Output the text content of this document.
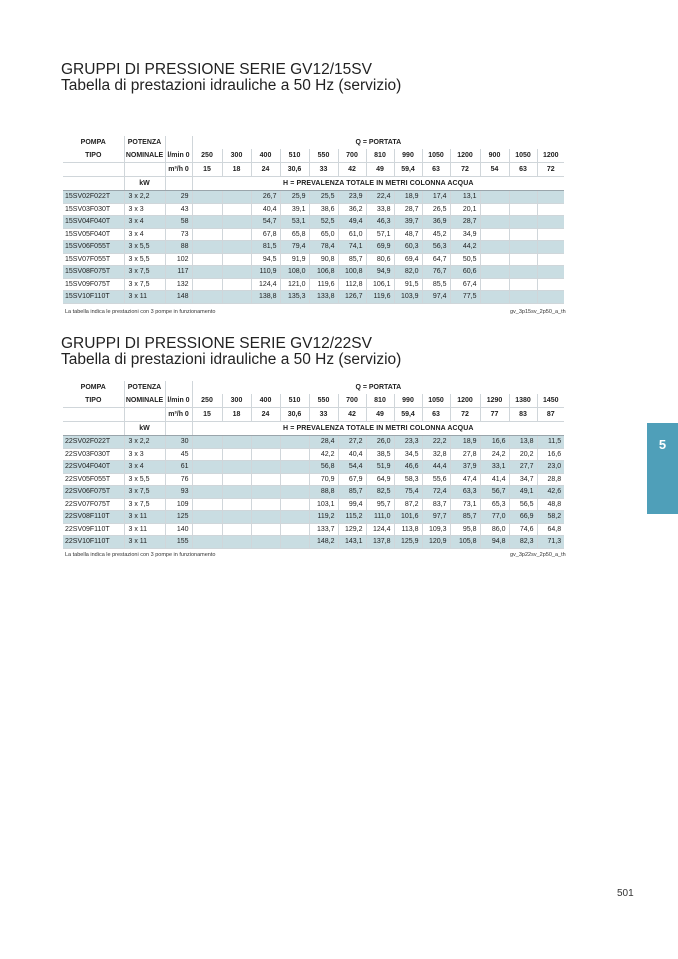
GRUPPI DI PRESSIONE SERIE GV12/15SV
Tabella di prestazioni idrauliche a 50 Hz (servizio)
POMPA	POTENZA		Q = PORTATA												
TIPO	NOMINALE	l/min 0	250	300	400	510	550	700	810	990	1050	1200	900	1050	1200
		m³/h 0	15	18	24	30,6	33	42	49	59,4	63	72	54	63	72
	kW		H = PREVALENZA TOTALE IN METRI COLONNA ACQUA												
15SV02F022T	3 x 2,2	29			26,7	25,9	25,5	23,9	22,4	18,9	17,4	13,1			
15SV03F030T	3 x 3	43			40,4	39,1	38,6	36,2	33,8	28,7	26,5	20,1			
15SV04F040T	3 x 4	58			54,7	53,1	52,5	49,4	46,3	39,7	36,9	28,7			
15SV05F040T	3 x 4	73			67,8	65,8	65,0	61,0	57,1	48,7	45,2	34,9			
15SV06F055T	3 x 5,5	88			81,5	79,4	78,4	74,1	69,9	60,3	56,3	44,2			
15SV07F055T	3 x 5,5	102			94,5	91,9	90,8	85,7	80,6	69,4	64,7	50,5			
15SV08F075T	3 x 7,5	117			110,9	108,0	106,8	100,8	94,9	82,0	76,7	60,6			
15SV09F075T	3 x 7,5	132			124,4	121,0	119,6	112,8	106,1	91,5	85,5	67,4			
15SV10F110T	3 x 11	148			138,8	135,3	133,8	126,7	119,6	103,9	97,4	77,5			
La tabella indica le prestazioni con 3 pompe in funzionamento	gv_3p15sv_2p50_a_th
GRUPPI DI PRESSIONE SERIE GV12/22SV
Tabella di prestazioni idrauliche a 50 Hz (servizio)
POMPA	POTENZA		Q = PORTATA												
TIPO	NOMINALE	l/min 0	250	300	400	510	550	700	810	990	1050	1200	1290	1380	1450
		m³/h 0	15	18	24	30,6	33	42	49	59,4	63	72	77	83	87
	kW		H = PREVALENZA TOTALE IN METRI COLONNA ACQUA												
22SV02F022T	3 x 2,2	30					28,4	27,2	26,0	23,3	22,2	18,9	16,6	13,8	11,5
22SV03F030T	3 x 3	45					42,2	40,4	38,5	34,5	32,8	27,8	24,2	20,2	16,6
22SV04F040T	3 x 4	61					56,8	54,4	51,9	46,6	44,4	37,9	33,1	27,7	23,0
22SV05F055T	3 x 5,5	76					70,9	67,9	64,9	58,3	55,6	47,4	41,4	34,7	28,8
22SV06F075T	3 x 7,5	93					88,8	85,7	82,5	75,4	72,4	63,3	56,7	49,1	42,6
22SV07F075T	3 x 7,5	109					103,1	99,4	95,7	87,2	83,7	73,1	65,3	56,5	48,8
22SV08F110T	3 x 11	125					119,2	115,2	111,0	101,6	97,7	85,7	77,0	66,9	58,2
22SV09F110T	3 x 11	140					133,7	129,2	124,4	113,8	109,3	95,8	86,0	74,6	64,8
22SV10F110T	3 x 11	155					148,2	143,1	137,8	125,9	120,9	105,8	94,8	82,3	71,3
La tabella indica le prestazioni con 3 pompe in funzionamento	gv_3p22sv_2p50_a_th
5
501
